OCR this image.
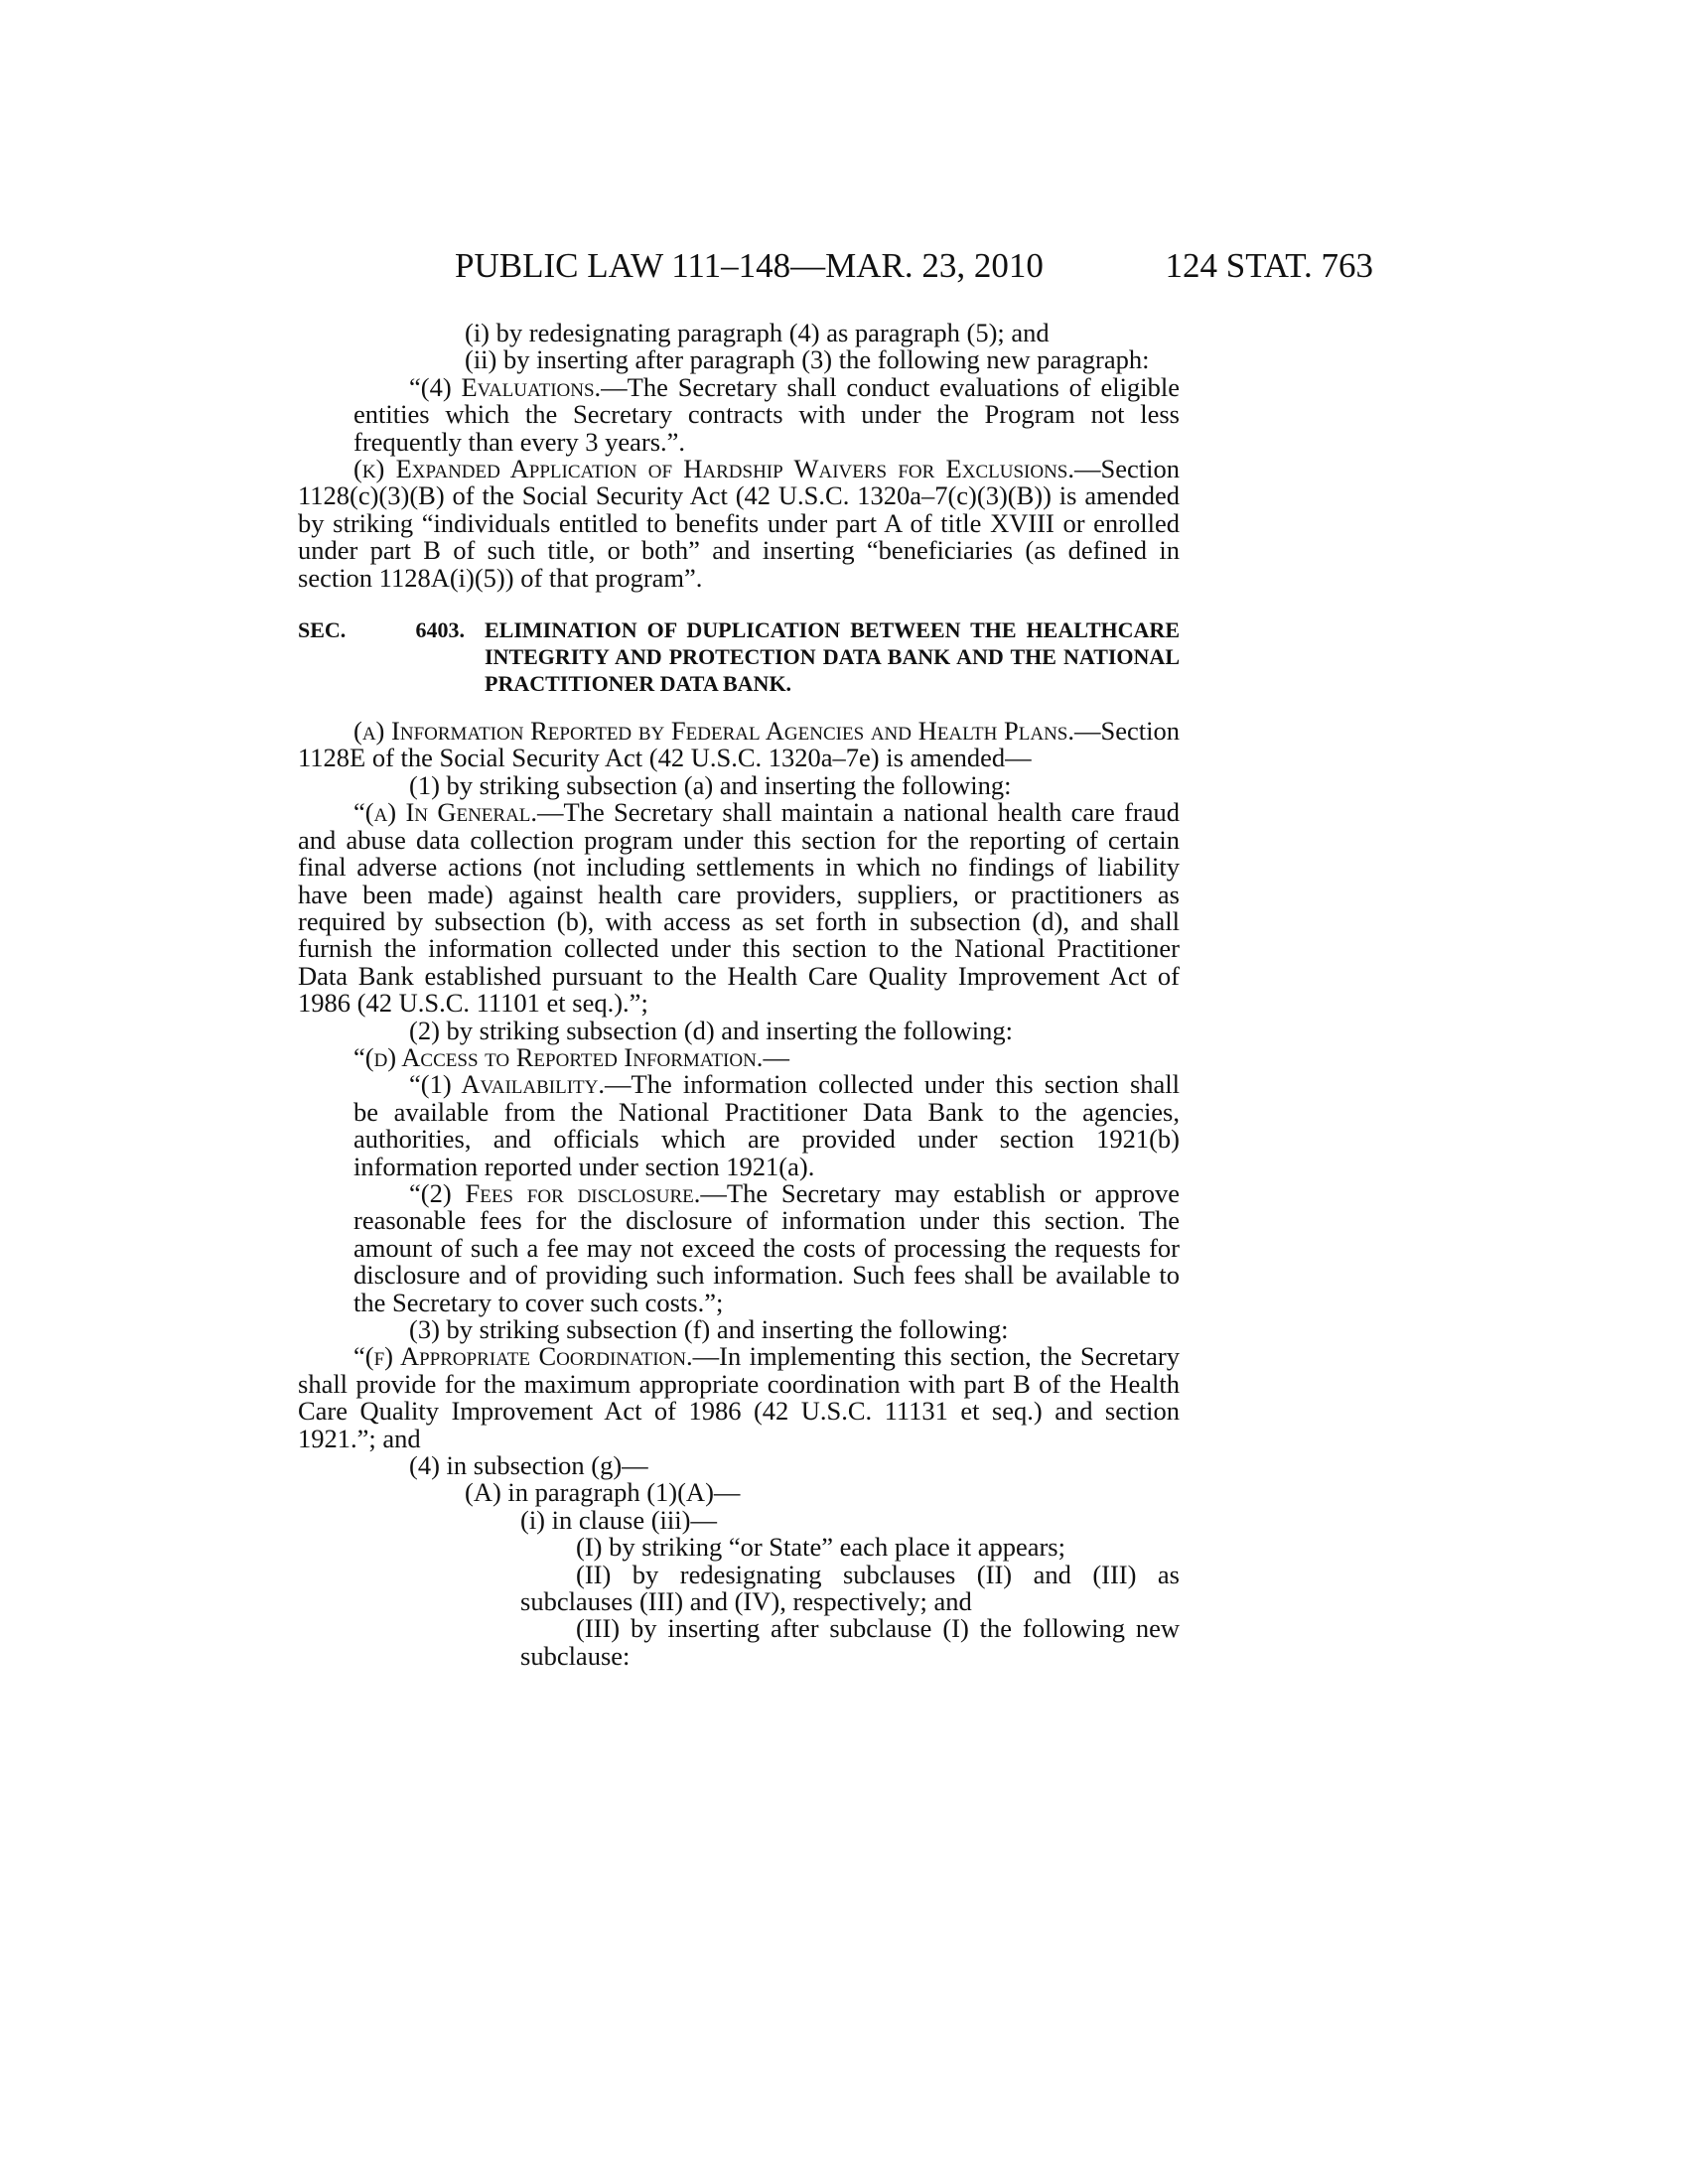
PUBLIC LAW 111–148—MAR. 23, 2010	124 STAT. 763

(i) by redesignating paragraph (4) as paragraph (5); and

(ii) by inserting after paragraph (3) the following new paragraph:

“(4) Evaluations.—The Secretary shall conduct evaluations of eligible entities which the Secretary contracts with under the Program not less frequently than every 3 years.”.

(k) Expanded Application of Hardship Waivers for Exclusions.—Section 1128(c)(3)(B) of the Social Security Act (42 U.S.C. 1320a–7(c)(3)(B)) is amended by striking “individuals entitled to benefits under part A of title XVIII or enrolled under part B of such title, or both” and inserting “beneficiaries (as defined in section 1128A(i)(5)) of that program”.

SEC.	6403. ELIMINATION OF DUPLICATION BETWEEN THE HEALTHCARE INTEGRITY AND PROTECTION DATA BANK AND THE NATIONAL PRACTITIONER DATA BANK.

(a) Information Reported by Federal Agencies and Health Plans.—Section 1128E of the Social Security Act (42 U.S.C. 1320a–7e) is amended—

(1) by striking subsection (a) and inserting the following:

“(a) In General.—The Secretary shall maintain a national health care fraud and abuse data collection program under this section for the reporting of certain final adverse actions (not including settlements in which no findings of liability have been made) against health care providers, suppliers, or practitioners as required by subsection (b), with access as set forth in subsection (d), and shall furnish the information collected under this section to the National Practitioner Data Bank established pursuant to the Health Care Quality Improvement Act of 1986 (42 U.S.C. 11101 et seq.).”;

(2) by striking subsection (d) and inserting the following:

“(d) Access to Reported Information.—

“(1) Availability.—The information collected under this section shall be available from the National Practitioner Data Bank to the agencies, authorities, and officials which are provided under section 1921(b) information reported under section 1921(a).

“(2) Fees for disclosure.—The Secretary may establish or approve reasonable fees for the disclosure of information under this section. The amount of such a fee may not exceed the costs of processing the requests for disclosure and of providing such information. Such fees shall be available to the Secretary to cover such costs.”;

(3) by striking subsection (f) and inserting the following:

“(f) Appropriate Coordination.—In implementing this section, the Secretary shall provide for the maximum appropriate coordination with part B of the Health Care Quality Improvement Act of 1986 (42 U.S.C. 11131 et seq.) and section 1921.”; and

(4) in subsection (g)—

(A) in paragraph (1)(A)—

(i) in clause (iii)—

(I) by striking “or State” each place it appears;

(II) by redesignating subclauses (II) and (III) as subclauses (III) and (IV), respectively; and

(III) by inserting after subclause (I) the following new subclause:
